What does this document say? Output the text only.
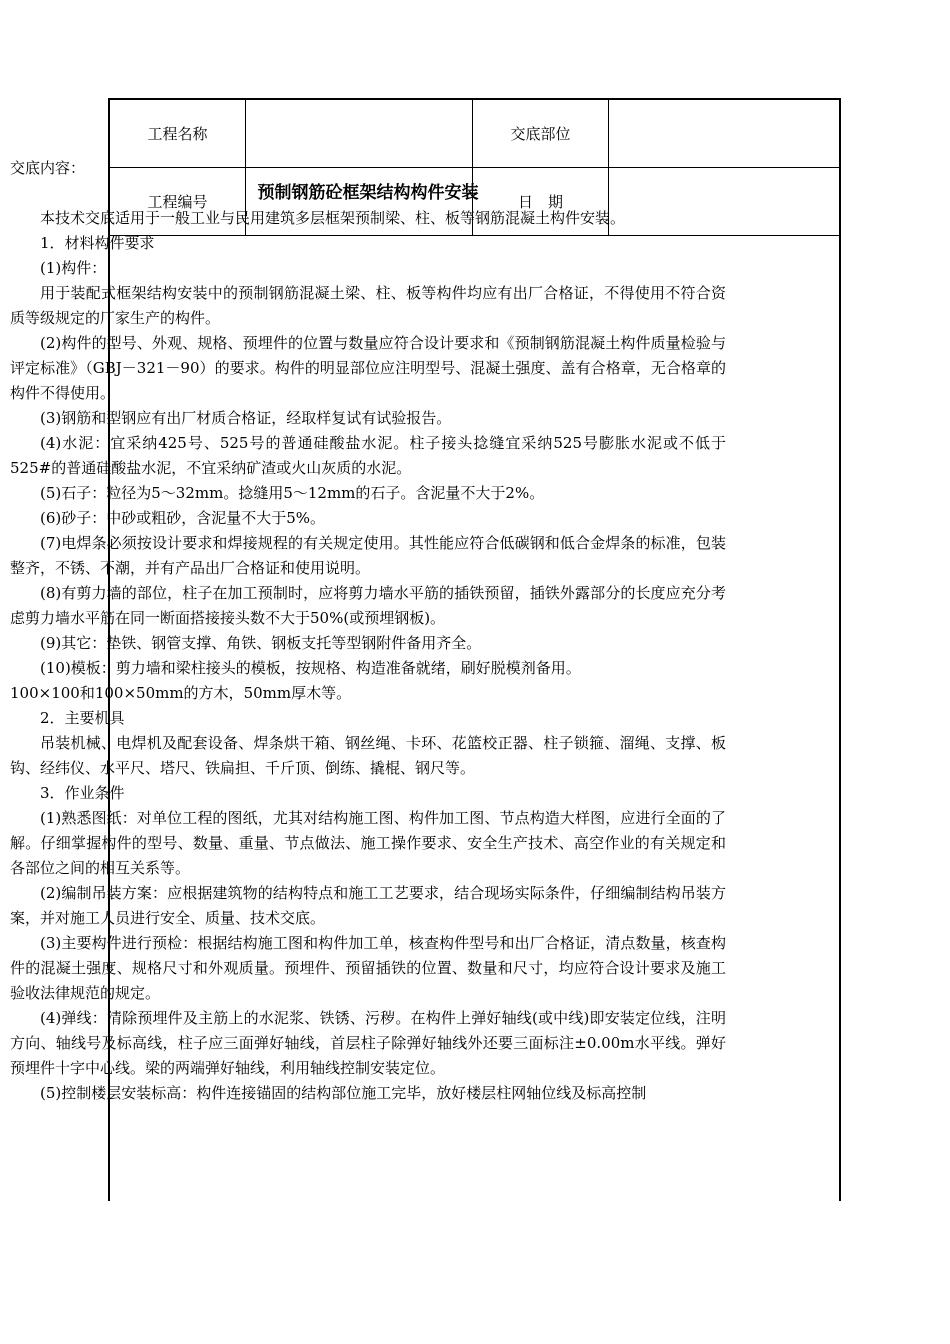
工程名称	交底部位
工程编号	日　期

交底内容：

预制钢筋砼框架结构构件安装

本技术交底适用于一般工业与民用建筑多层框架预制梁、柱、板等钢筋混凝土构件安装。

1．材料构件要求

(1)构件：

用于装配式框架结构安装中的预制钢筋混凝土梁、柱、板等构件均应有出厂合格证，不得使用不符合资质等级规定的厂家生产的构件。

(2)构件的型号、外观、规格、预埋件的位置与数量应符合设计要求和《预制钢筋混凝土构件质量检验与评定标准》（GBJ－321－90）的要求。构件的明显部位应注明型号、混凝土强度、盖有合格章，无合格章的构件不得使用。

(3)钢筋和型钢应有出厂材质合格证，经取样复试有试验报告。

(4)水泥：宜采纳425号、525号的普通硅酸盐水泥。柱子接头捻缝宜采纳525号膨胀水泥或不低于525#的普通硅酸盐水泥，不宜采纳矿渣或火山灰质的水泥。

(5)石子：粒径为5～32mm。捻缝用5～12mm的石子。含泥量不大于2%。

(6)砂子：中砂或粗砂，含泥量不大于5%。

(7)电焊条必须按设计要求和焊接规程的有关规定使用。其性能应符合低碳钢和低合金焊条的标准，包装整齐，不锈、不潮，并有产品出厂合格证和使用说明。

(8)有剪力墙的部位，柱子在加工预制时，应将剪力墙水平筋的插铁预留，插铁外露部分的长度应充分考虑剪力墙水平筋在同一断面搭接接头数不大于50%(或预埋钢板)。

(9)其它：垫铁、钢管支撑、角铁、钢板支托等型钢附件备用齐全。

(10)模板：剪力墙和梁柱接头的模板，按规格、构造准备就绪，刷好脱模剂备用。

100×100和100×50mm的方木，50mm厚木等。

2．主要机具

吊装机械、电焊机及配套设备、焊条烘干箱、钢丝绳、卡环、花篮校正器、柱子锁箍、溜绳、支撑、板钩、经纬仪、水平尺、塔尺、铁扁担、千斤顶、倒练、撬棍、钢尺等。

3．作业条件

(1)熟悉图纸：对单位工程的图纸，尤其对结构施工图、构件加工图、节点构造大样图，应进行全面的了解。仔细掌握构件的型号、数量、重量、节点做法、施工操作要求、安全生产技术、高空作业的有关规定和各部位之间的相互关系等。

(2)编制吊装方案：应根据建筑物的结构特点和施工工艺要求，结合现场实际条件，仔细编制结构吊装方案，并对施工人员进行安全、质量、技术交底。

(3)主要构件进行预检：根据结构施工图和构件加工单，核查构件型号和出厂合格证，清点数量，核查构件的混凝土强度、规格尺寸和外观质量。预埋件、预留插铁的位置、数量和尺寸，均应符合设计要求及施工验收法律规范的规定。

(4)弹线：清除预埋件及主筋上的水泥浆、铁锈、污秽。在构件上弹好轴线(或中线)即安装定位线，注明方向、轴线号及标高线，柱子应三面弹好轴线，首层柱子除弹好轴线外还要三面标注±0.00m水平线。弹好预埋件十字中心线。梁的两端弹好轴线，利用轴线控制安装定位。

(5)控制楼层安装标高：构件连接锚固的结构部位施工完毕，放好楼层柱网轴位线及标高控制
